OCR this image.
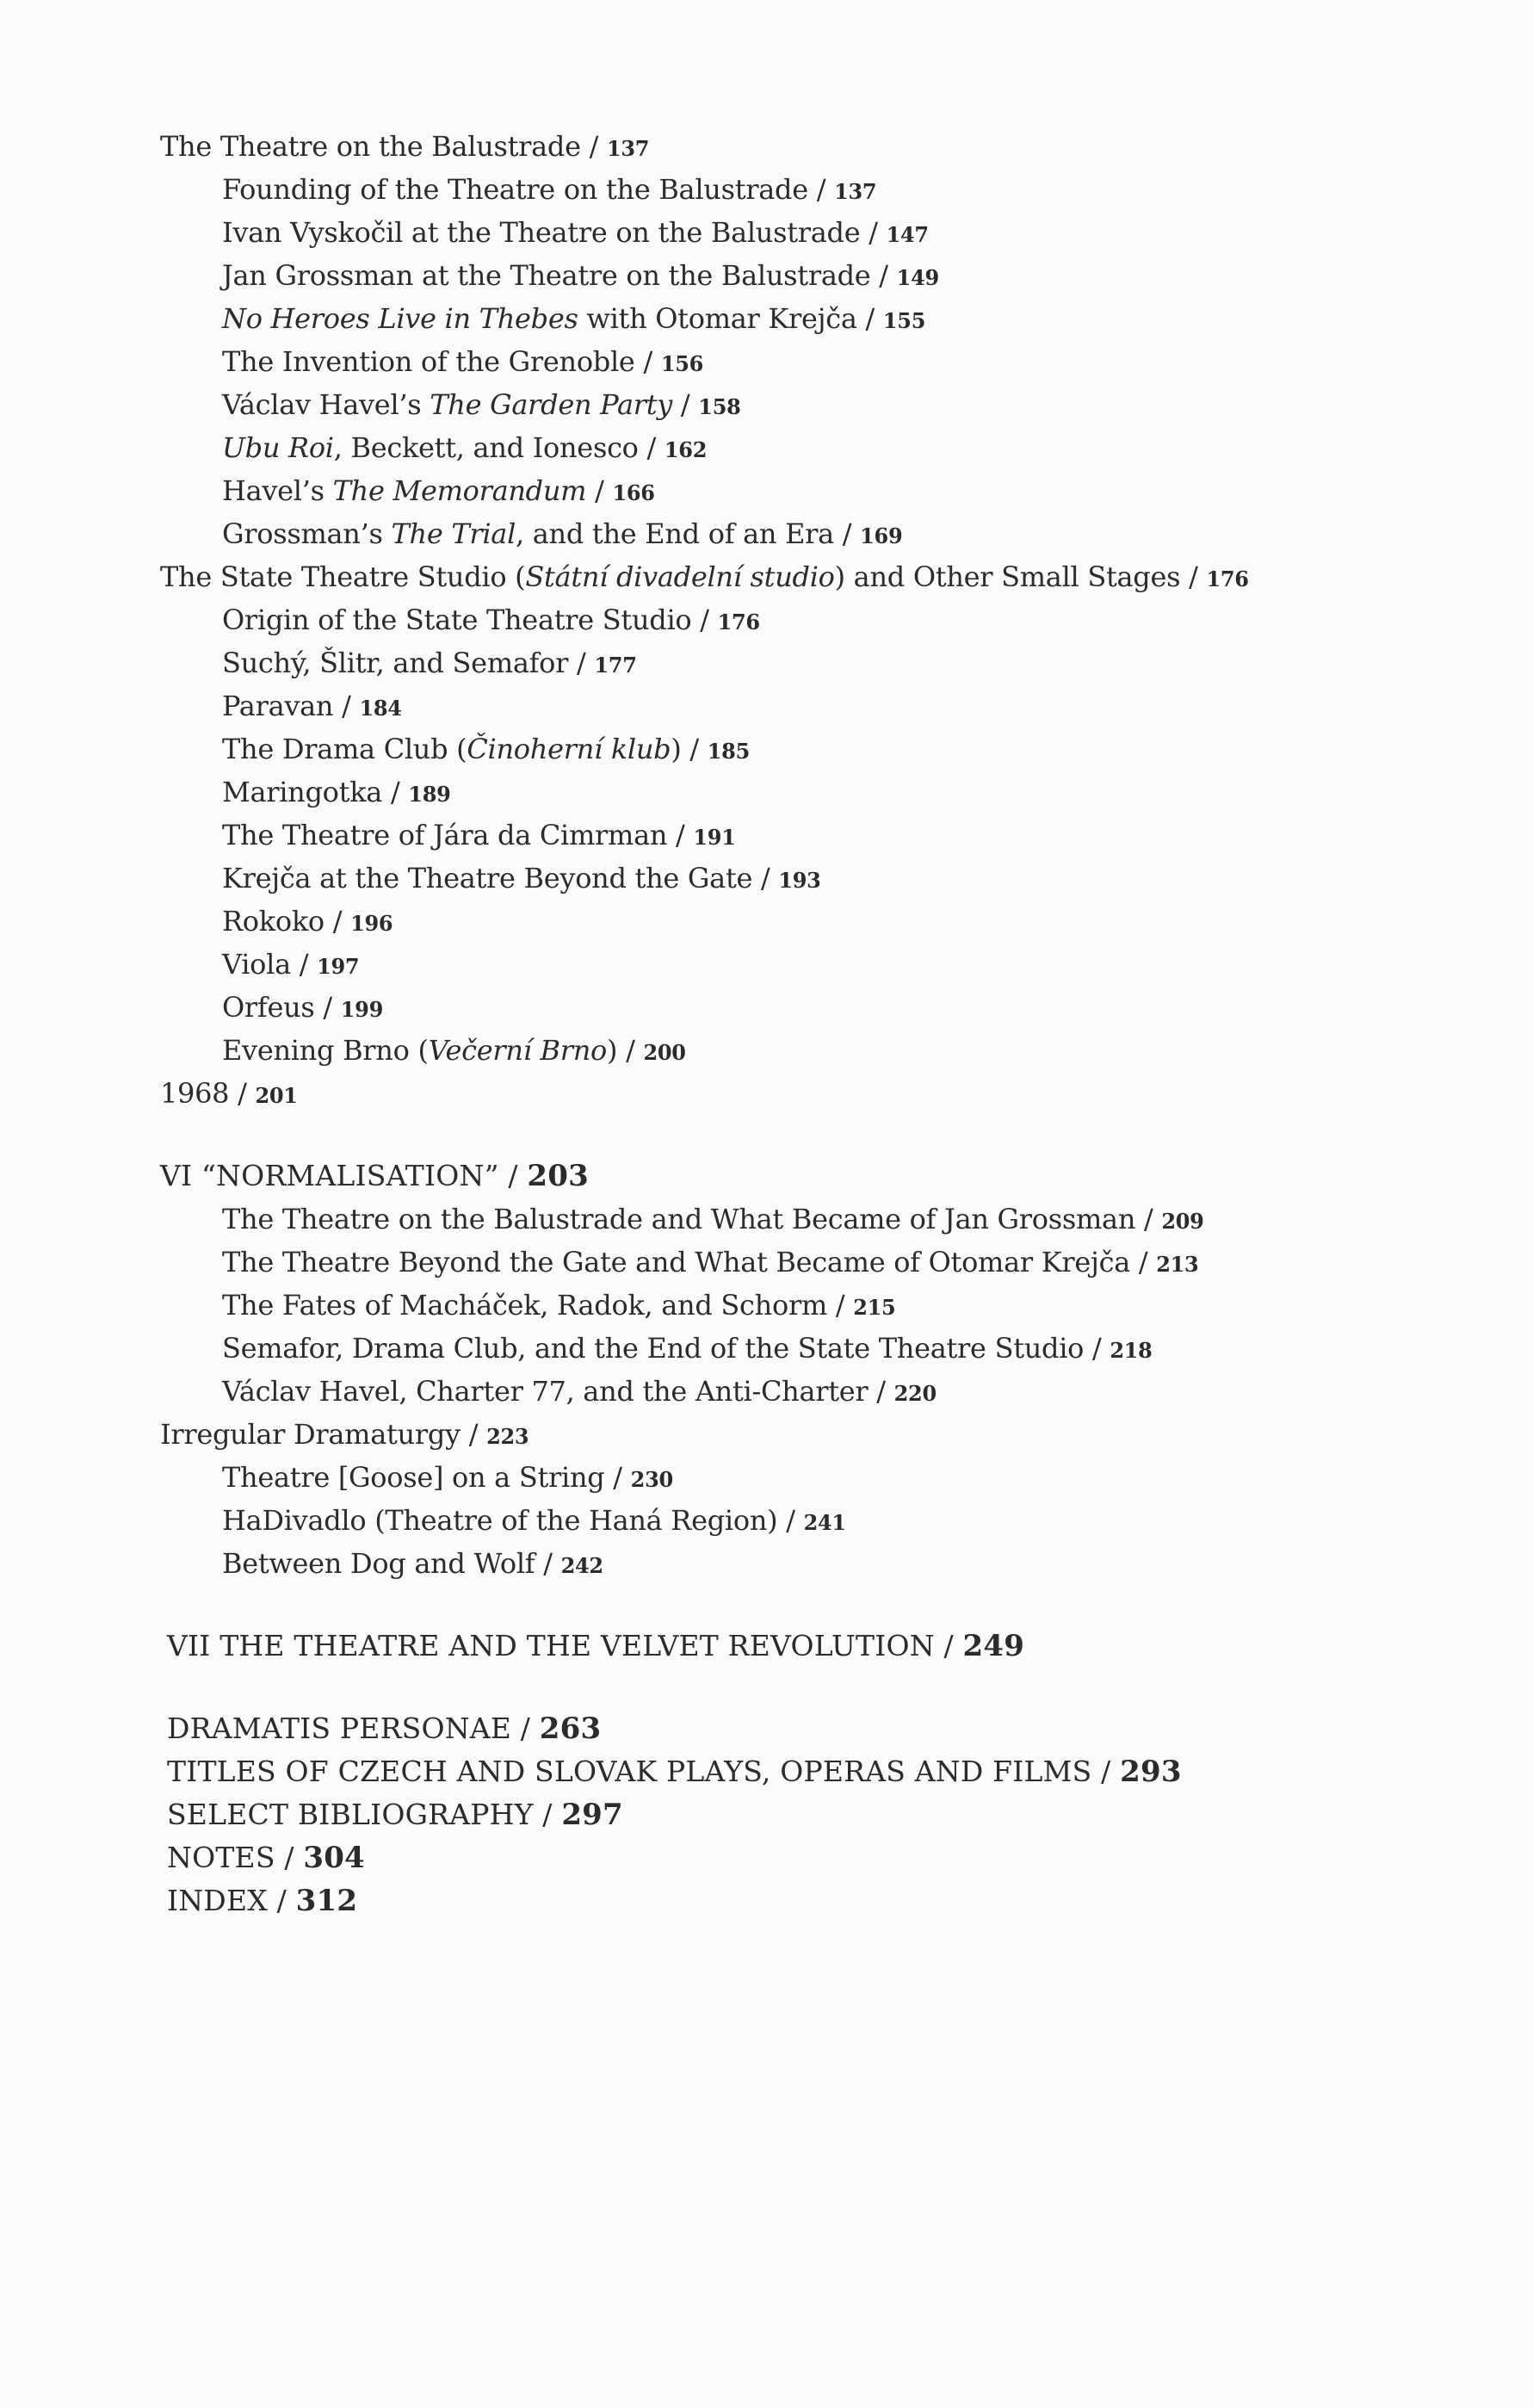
The Theatre on the Balustrade / 137
Founding of the Theatre on the Balustrade / 137
Ivan Vyskočil at the Theatre on the Balustrade / 147
Jan Grossman at the Theatre on the Balustrade / 149
No Heroes Live in Thebes with Otomar Krejča / 155
The Invention of the Grenoble / 156
Václav Havel’s The Garden Party / 158
Ubu Roi, Beckett, and Ionesco / 162
Havel’s The Memorandum / 166
Grossman’s The Trial, and the End of an Era / 169
The State Theatre Studio (Státní divadelní studio) and Other Small Stages / 176
Origin of the State Theatre Studio / 176
Suchý, Šlitr, and Semafor / 177
Paravan / 184
The Drama Club (Činoherní klub) / 185
Maringotka / 189
The Theatre of Jára da Cimrman / 191
Krejča at the Theatre Beyond the Gate / 193
Rokoko / 196
Viola / 197
Orfeus / 199
Evening Brno (Večerní Brno) / 200
1968 / 201
VI “NORMALISATION” / 203
The Theatre on the Balustrade and What Became of Jan Grossman / 209
The Theatre Beyond the Gate and What Became of Otomar Krejča / 213
The Fates of Macháček, Radok, and Schorm / 215
Semafor, Drama Club, and the End of the State Theatre Studio / 218
Václav Havel, Charter 77, and the Anti-Charter / 220
Irregular Dramaturgy / 223
Theatre [Goose] on a String / 230
HaDivadlo (Theatre of the Haná Region) / 241
Between Dog and Wolf / 242
VII THE THEATRE AND THE VELVET REVOLUTION / 249
DRAMATIS PERSONAE / 263
TITLES OF CZECH AND SLOVAK PLAYS, OPERAS AND FILMS / 293
SELECT BIBLIOGRAPHY / 297
NOTES / 304
INDEX / 312
